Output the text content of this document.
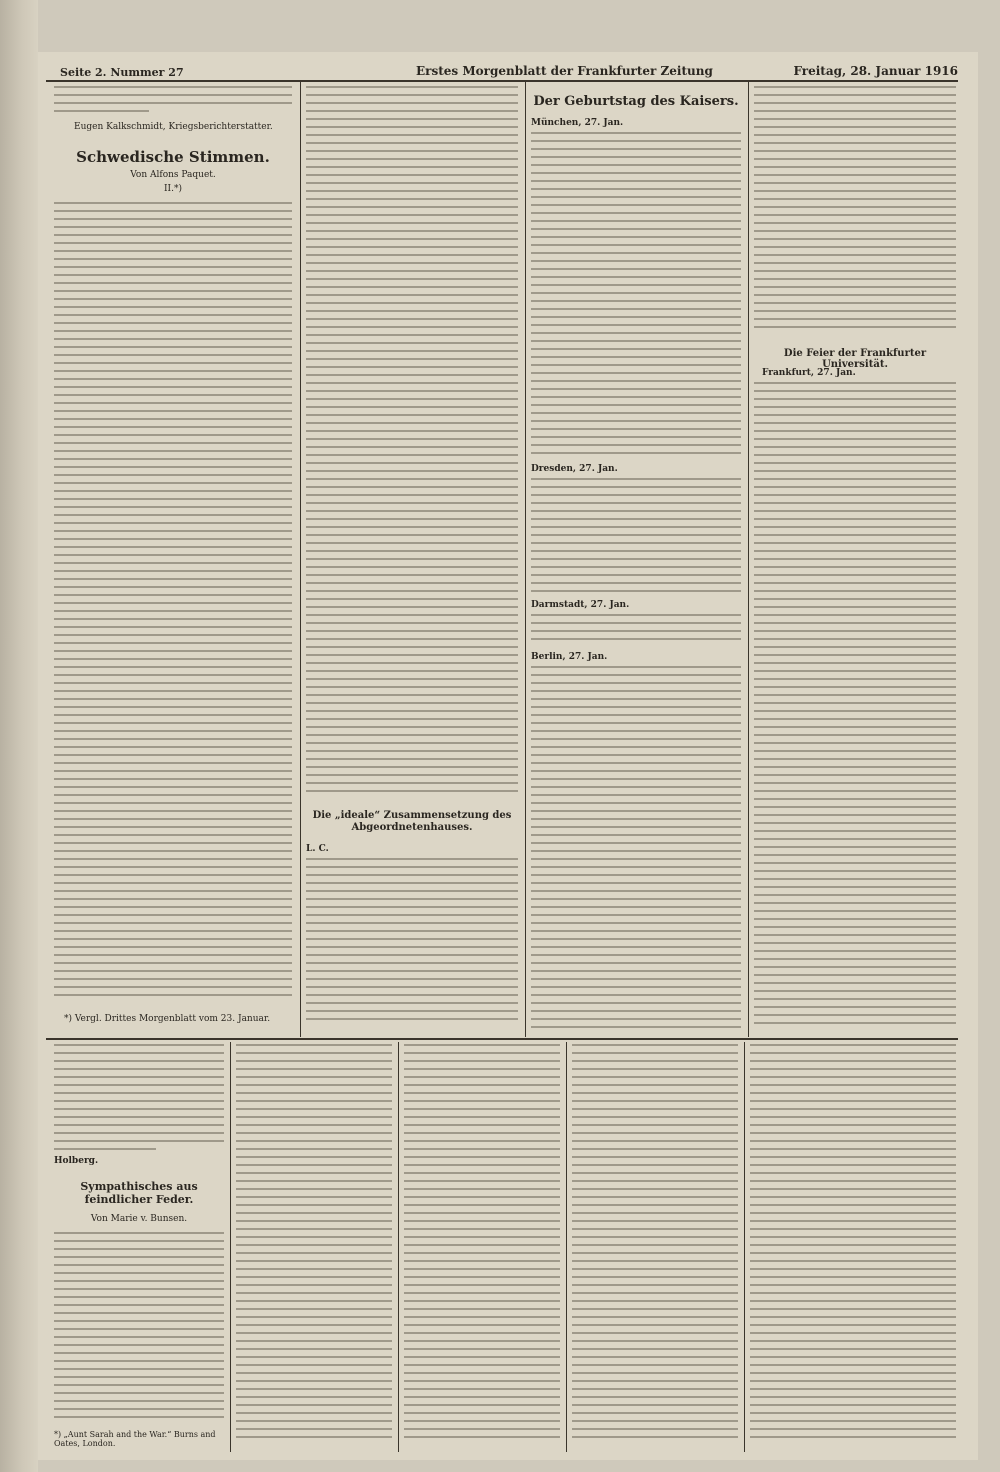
Seite 2. Nummer 27	Erstes Morgenblatt der Frankfurter Zeitung	Freitag, 28. Januar 1916
Eugen Kalkschmidt, Kriegsberichterstatter.
Schwedische Stimmen.
Von Alfons Paquet.
II.*)
*) Vergl. Drittes Morgenblatt vom 23. Januar.
Die „ideale“ Zusammensetzung des Abgeordnetenhauses.
L. C.
Der Geburtstag des Kaisers.
München, 27. Jan.
Dresden, 27. Jan.
Darmstadt, 27. Jan.
Berlin, 27. Jan.
Die Feier der Frankfurter Universität.
Frankfurt, 27. Jan.
Holberg.
Sympathisches aus feindlicher Feder.
Von Marie v. Bunsen.
*) „Aunt Sarah and the War.“ Burns and Oates, London.
